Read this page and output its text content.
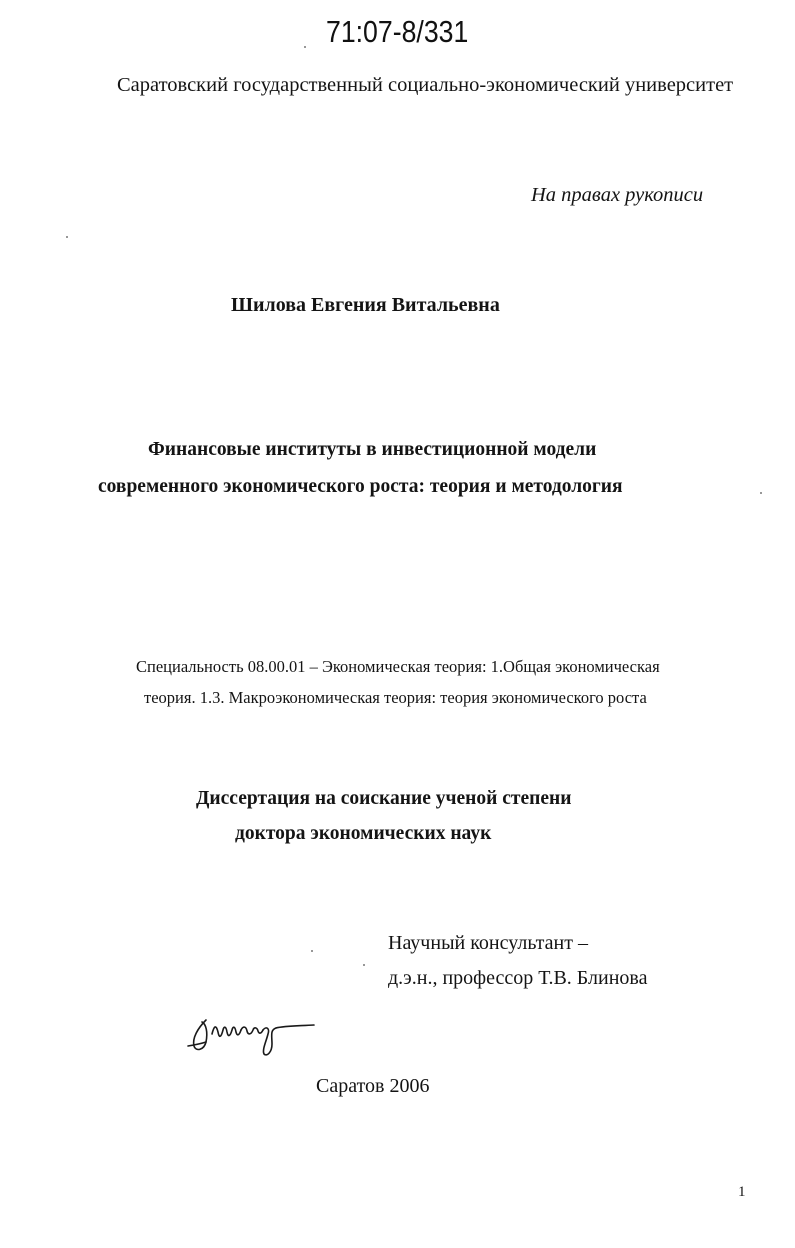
71:07-8/331
Саратовский государственный социально-экономический университет
На правах рукописи
Шилова Евгения Витальевна
Финансовые институты в инвестиционной модели
современного экономического роста: теория и методология
Специальность 08.00.01 – Экономическая теория: 1.Общая экономическая
теория. 1.3. Макроэкономическая теория: теория экономического роста
Диссертация на соискание ученой степени
доктора экономических наук
Научный консультант –
д.э.н., профессор Т.В. Блинова
Саратов 2006
1
